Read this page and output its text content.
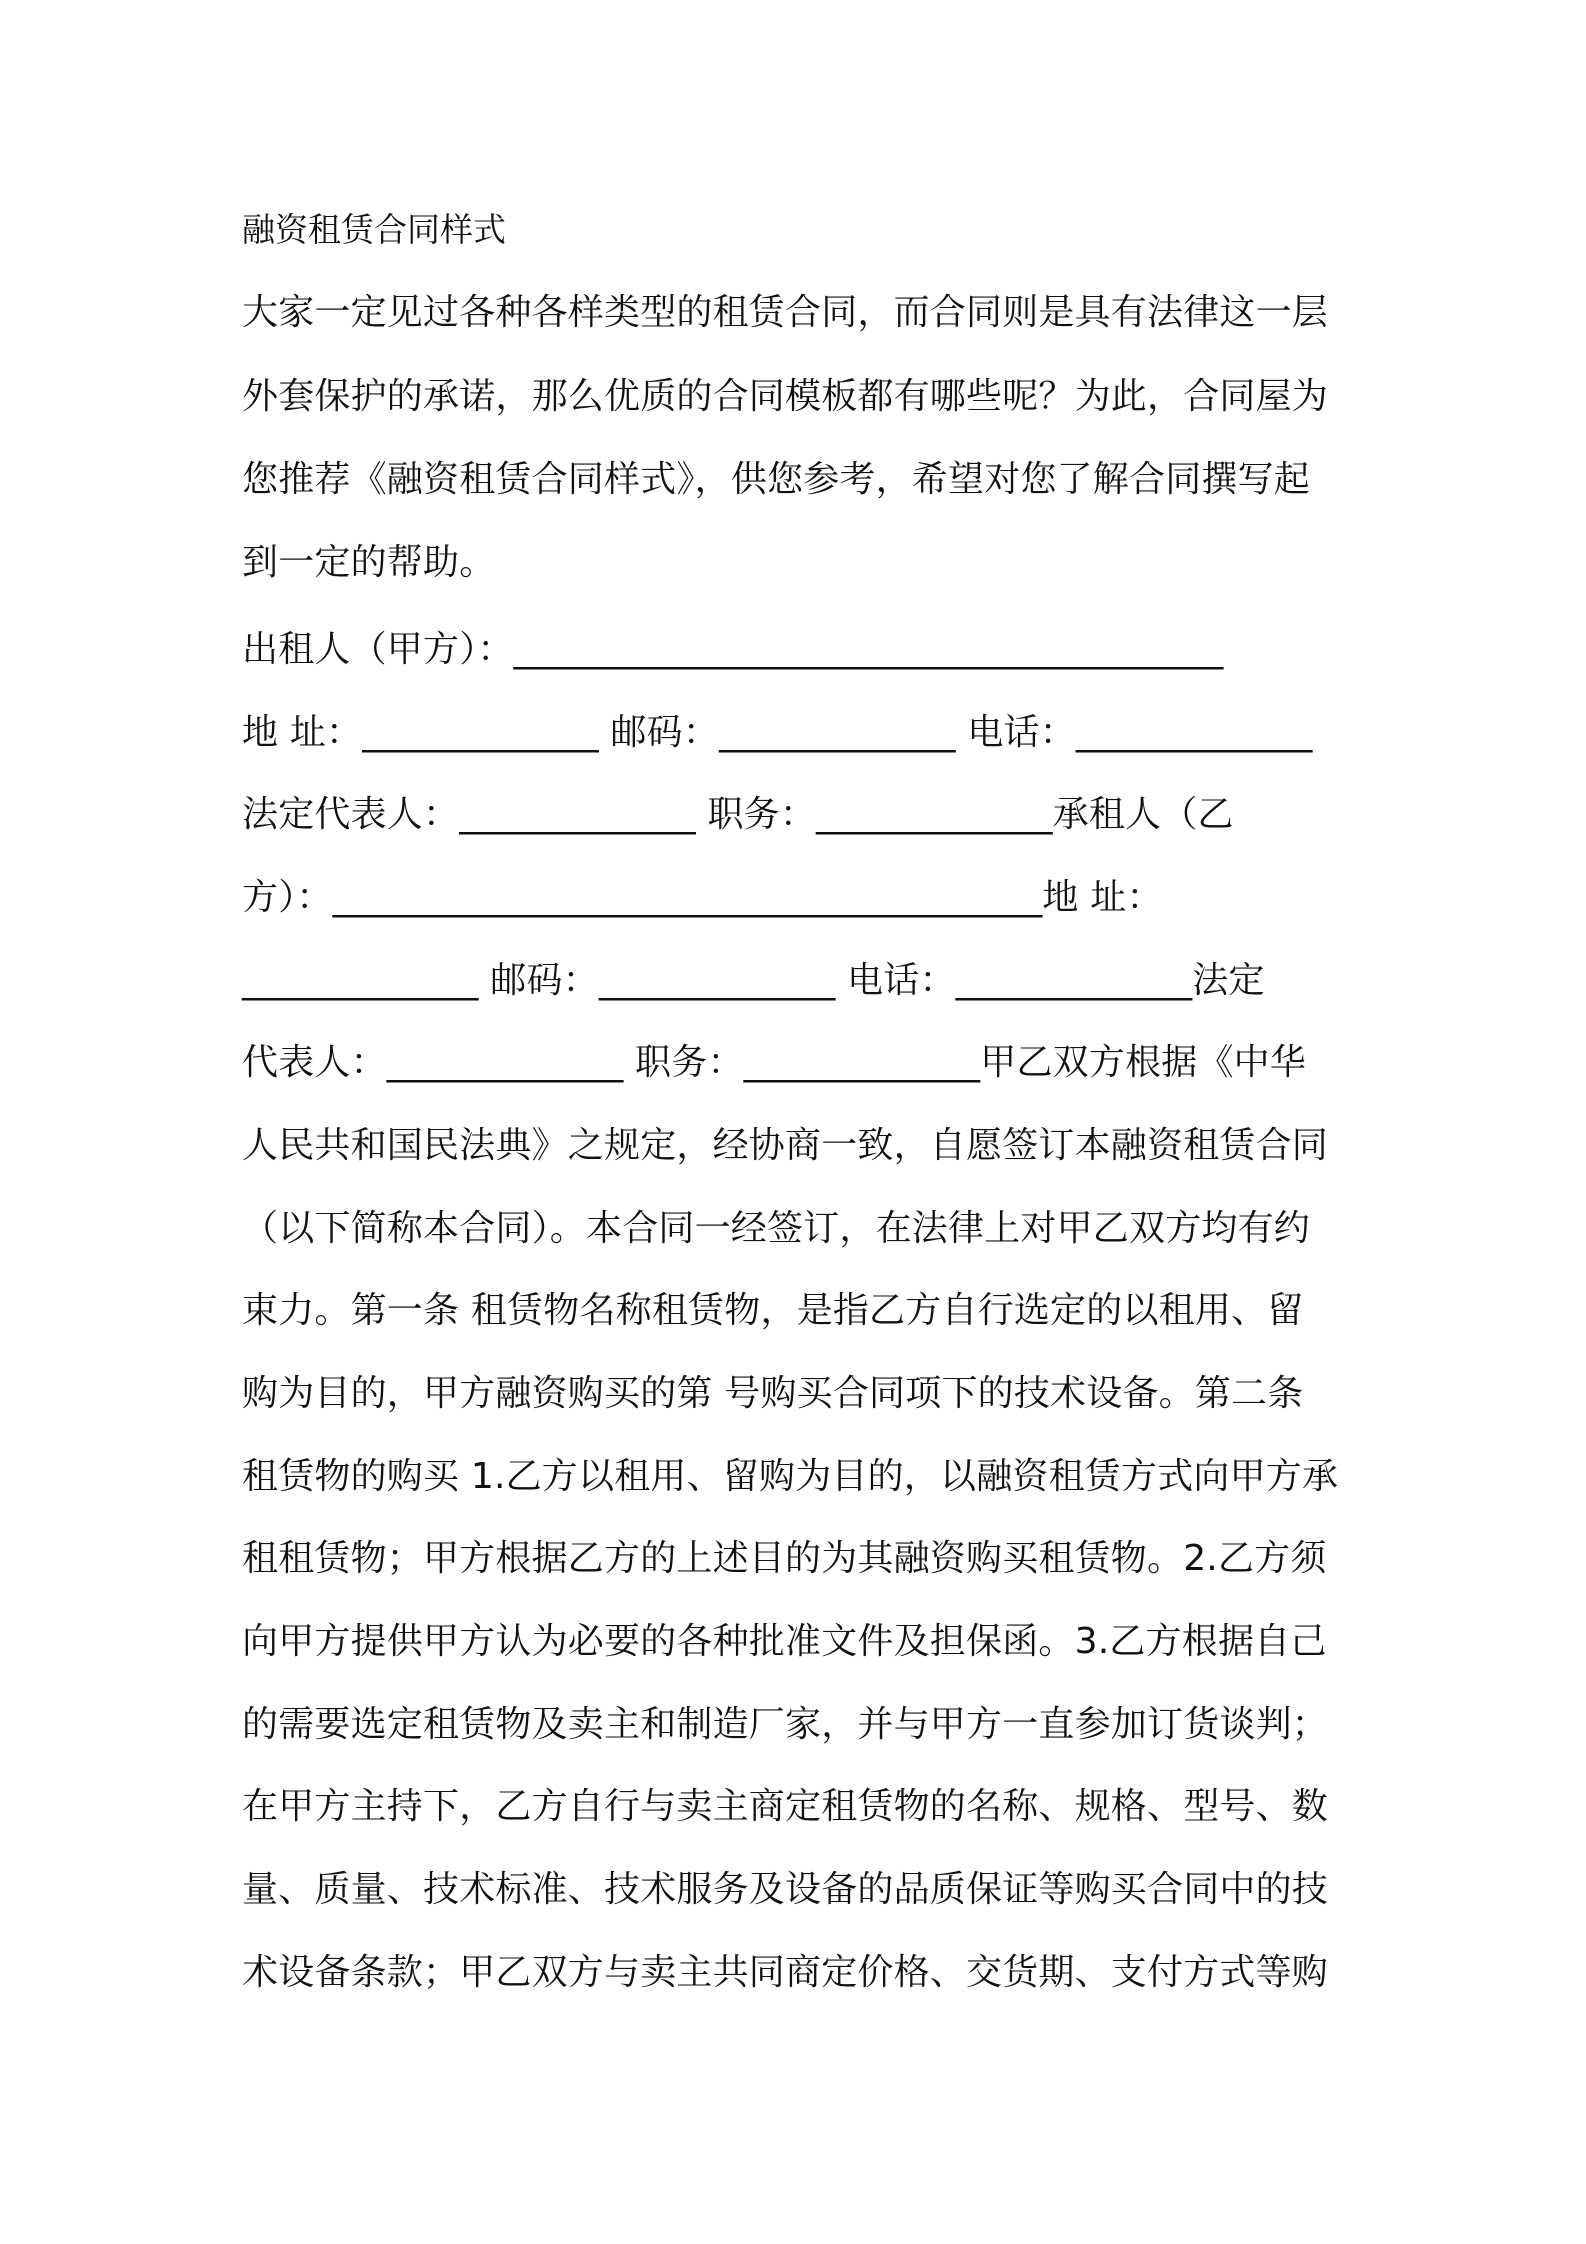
融资租赁合同样式
大家一定见过各种各样类型的租赁合同，而合同则是具有法律这一层
外套保护的承诺，那么优质的合同模板都有哪些呢？为此，合同屋为
您推荐《融资租赁合同样式》，供您参考，希望对您了解合同撰写起
到一定的帮助。
出租人（甲方）：_______________________________________
地 址：_____________ 邮码：_____________ 电话：_____________
法定代表人：_____________ 职务：_____________承租人（乙
方）：_______________________________________地 址：
_____________ 邮码：_____________ 电话：_____________法定
代表人：_____________ 职务：_____________甲乙双方根据《中华
人民共和国民法典》之规定，经协商一致，自愿签订本融资租赁合同
（以下简称本合同）。本合同一经签订，在法律上对甲乙双方均有约
束力。第一条 租赁物名称租赁物，是指乙方自行选定的以租用、留
购为目的，甲方融资购买的第 号购买合同项下的技术设备。第二条
租赁物的购买 1.乙方以租用、留购为目的，以融资租赁方式向甲方承
租租赁物；甲方根据乙方的上述目的为其融资购买租赁物。2.乙方须
向甲方提供甲方认为必要的各种批准文件及担保函。3.乙方根据自己
的需要选定租赁物及卖主和制造厂家，并与甲方一直参加订货谈判；
在甲方主持下，乙方自行与卖主商定租赁物的名称、规格、型号、数
量、质量、技术标准、技术服务及设备的品质保证等购买合同中的技
术设备条款；甲乙双方与卖主共同商定价格、交货期、支付方式等购
